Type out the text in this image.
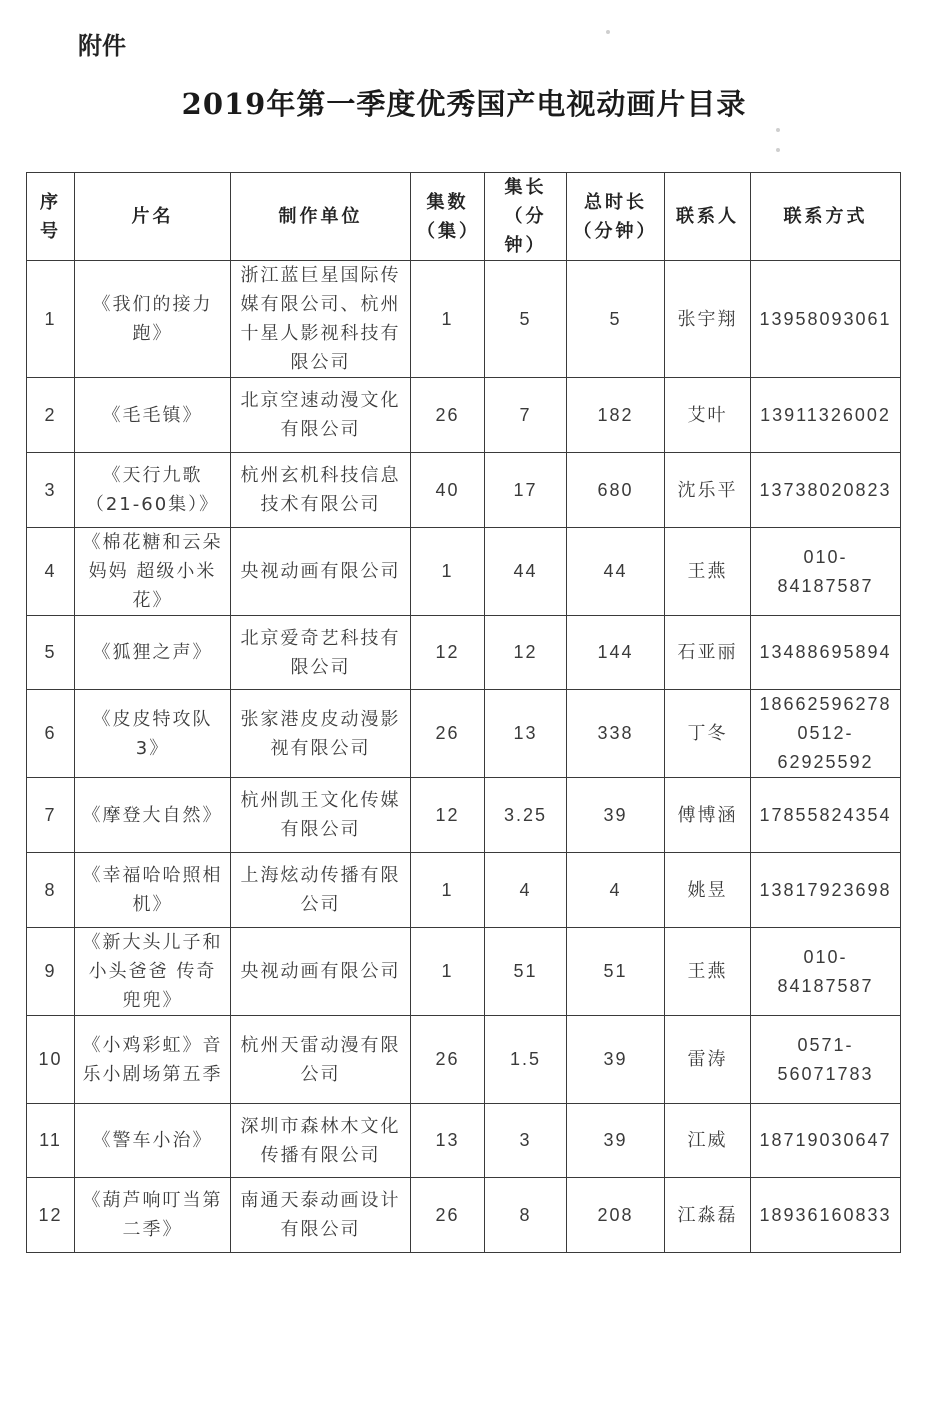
附件
2019年第一季度优秀国产电视动画片目录
序号	片名	制作单位	集数（集）	集长（分钟）	总时长（分钟）	联系人	联系方式
1	《我们的接力跑》	浙江蓝巨星国际传媒有限公司、杭州十星人影视科技有限公司	1	5	5	张宇翔	13958093061
2	《毛毛镇》	北京空速动漫文化有限公司	26	7	182	艾叶	13911326002
3	《天行九歌（21-60集）》	杭州玄机科技信息技术有限公司	40	17	680	沈乐平	13738020823
4	《棉花糖和云朵妈妈 超级小米花》	央视动画有限公司	1	44	44	王燕	010-84187587
5	《狐狸之声》	北京爱奇艺科技有限公司	12	12	144	石亚丽	13488695894
6	《皮皮特攻队3》	张家港皮皮动漫影视有限公司	26	13	338	丁冬	18662596278 0512-62925592
7	《摩登大自然》	杭州凯王文化传媒有限公司	12	3.25	39	傅博涵	17855824354
8	《幸福哈哈照相机》	上海炫动传播有限公司	1	4	4	姚昱	13817923698
9	《新大头儿子和小头爸爸 传奇兜兜》	央视动画有限公司	1	51	51	王燕	010-84187587
10	《小鸡彩虹》音乐小剧场第五季	杭州天雷动漫有限公司	26	1.5	39	雷涛	0571-56071783
11	《警车小治》	深圳市森林木文化传播有限公司	13	3	39	江威	18719030647
12	《葫芦响叮当第二季》	南通天泰动画设计有限公司	26	8	208	江淼磊	18936160833
